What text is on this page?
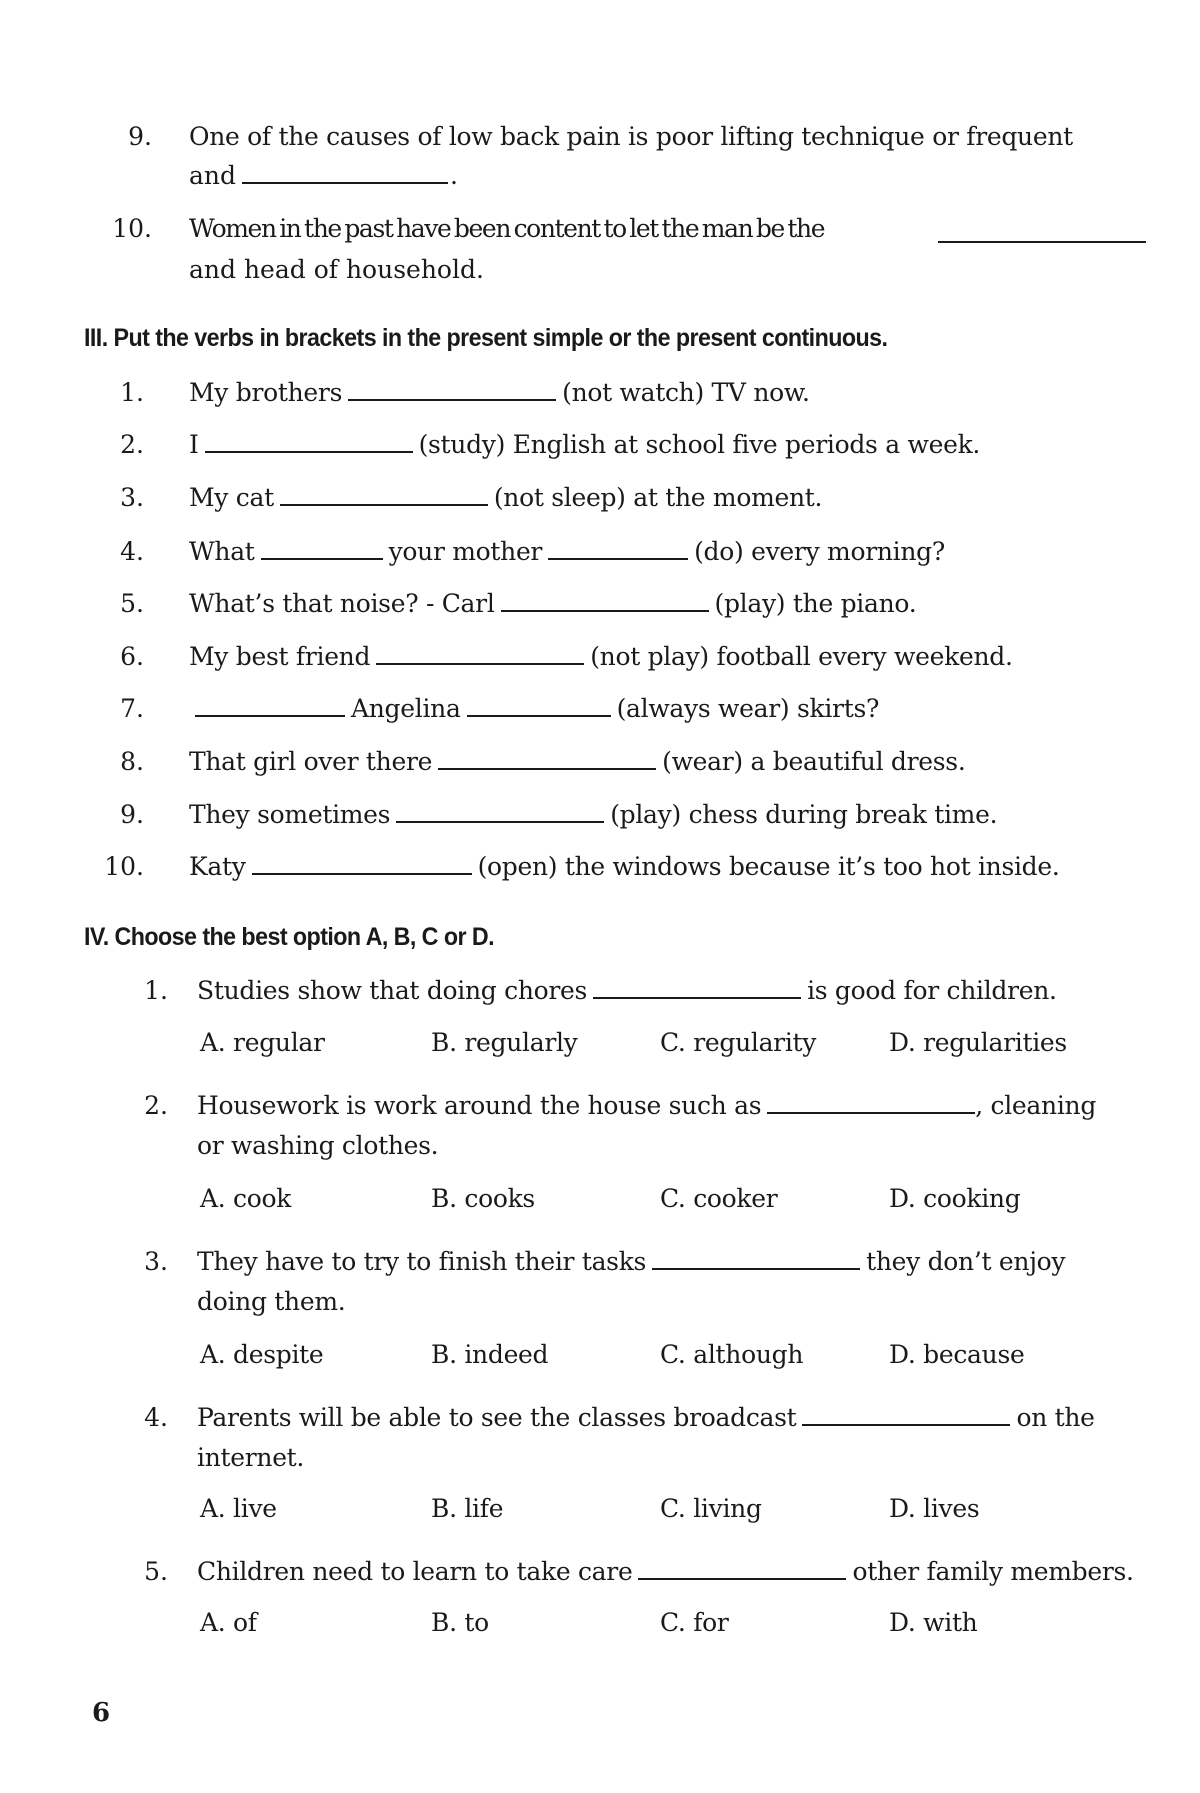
9. One of the causes of low back pain is poor lifting technique or frequent
and	.
10. Women in the past have been content to let the man be the
and head of household.
III. Put the verbs in brackets in the present simple or the present continuous.
1. My brothers	(not watch) TV now.
2. I	(study) English at school five periods a week.
3. My cat	(not sleep) at the moment.
4. What	your mother	(do) every morning?
5. What’s that noise? - Carl	(play) the piano.
6. My best friend	(not play) football every weekend.
7.	Angelina	(always wear) skirts?
8. That girl over there	(wear) a beautiful dress.
9. They sometimes	(play) chess during break time.
10. Katy	(open) the windows because it’s too hot inside.
IV. Choose the best option A, B, C or D.
1. Studies show that doing chores	is good for children.
A. regular	B. regularly	C. regularity	D. regularities
2. Housework is work around the house such as	, cleaning
or washing clothes.
A. cook	B. cooks	C. cooker	D. cooking
3. They have to try to finish their tasks	they don’t enjoy
doing them.
A. despite	B. indeed	C. although	D. because
4. Parents will be able to see the classes broadcast	on the
internet.
A. live	B. life	C. living	D. lives
5. Children need to learn to take care	other family members.
A. of	B. to	C. for	D. with
6
